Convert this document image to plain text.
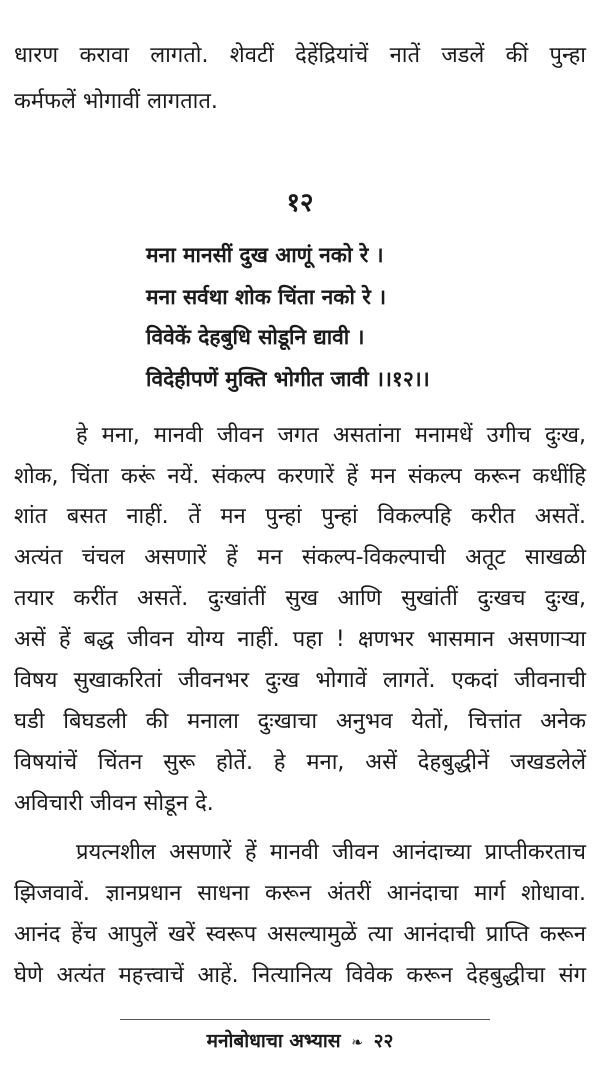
धारण करावा लागतो. शेवटीं देहेंद्रियांचें नातें जडलें कीं पुन्हा
कर्मफलें भोगावीं लागतात.
१२
मना मानसीं दुख आणूं नको रे ।
मना सर्वथा शोक चिंता नको रे ।
विवेकें देहबुधि सोडूनि द्यावी ।
विदेहीपणें मुक्ति भोगीत जावी ।।१२।।
हे मना, मानवी जीवन जगत असतांना मनामधें उगीच दुःख,
शोक, चिंता करूं नयें. संकल्प करणारें हें मन संकल्प करून कधींहि
शांत बसत नाहीं. तें मन पुन्हां पुन्हां विकल्पहि करीत असतें.
अत्यंत चंचल असणारें हें मन संकल्प-विकल्पाची अतूट साखळी
तयार करींत असतें. दुःखांतीं सुख आणि सुखांतीं दुःखच दुःख,
असें हें बद्ध जीवन योग्य नाहीं. पहा ! क्षणभर भासमान असणाऱ्या
विषय सुखाकरितां जीवनभर दुःख भोगावें लागतें. एकदां जीवनाची
घडी बिघडली की मनाला दुःखाचा अनुभव येतों, चित्तांत अनेक
विषयांचें चिंतन सुरू होतें. हे मना, असें देहबुद्धीनें जखडलेलें
अविचारी जीवन सोडून दे.
प्रयत्नशील असणारें हें मानवी जीवन आनंदाच्या प्राप्तीकरताच
झिजवावें. ज्ञानप्रधान साधना करून अंतरीं आनंदाचा मार्ग शोधावा.
आनंद हेंच आपुलें खरें स्वरूप असल्यामुळें त्या आनंदाची प्राप्ति करून
घेणे अत्यंत महत्त्वाचें आहें. नित्यानित्य विवेक करून देहबुद्धीचा संग
मनोबोधाचा अभ्यास ❧ २२
